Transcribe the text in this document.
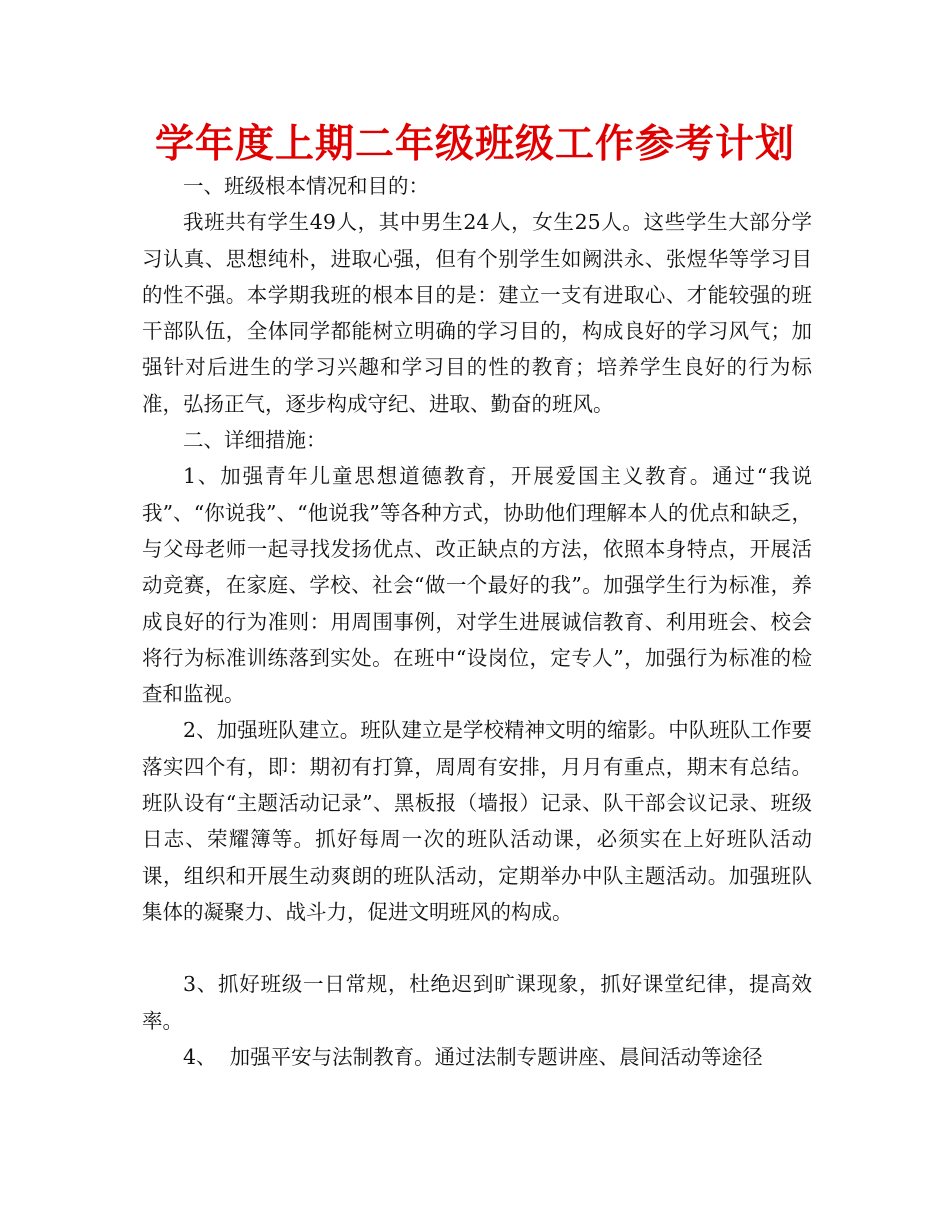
学年度上期二年级班级工作参考计划

一、班级根本情况和目的：

我班共有学生49人，其中男生24人，女生25人。这些学生大部分学习认真、思想纯朴，进取心强，但有个别学生如阙洪永、张煜华等学习目的性不强。本学期我班的根本目的是：建立一支有进取心、才能较强的班干部队伍，全体同学都能树立明确的学习目的，构成良好的学习风气；加强针对后进生的学习兴趣和学习目的性的教育；培养学生良好的行为标准，弘扬正气，逐步构成守纪、进取、勤奋的班风。

二、详细措施：

1、加强青年儿童思想道德教育，开展爱国主义教育。通过“我说我”、“你说我”、“他说我”等各种方式，协助他们理解本人的优点和缺乏，与父母老师一起寻找发扬优点、改正缺点的方法，依照本身特点，开展活动竞赛，在家庭、学校、社会“做一个最好的我”。加强学生行为标准，养成良好的行为准则：用周围事例，对学生进展诚信教育、利用班会、校会将行为标准训练落到实处。在班中“设岗位，定专人”，加强行为标准的检查和监视。

2、加强班队建立。班队建立是学校精神文明的缩影。中队班队工作要落实四个有，即：期初有打算，周周有安排，月月有重点，期末有总结。班队设有“主题活动记录”、黑板报（墙报）记录、队干部会议记录、班级日志、荣耀簿等。抓好每周一次的班队活动课，必须实在上好班队活动课，组织和开展生动爽朗的班队活动，定期举办中队主题活动。加强班队集体的凝聚力、战斗力，促进文明班风的构成。

3、抓好班级一日常规，杜绝迟到旷课现象，抓好课堂纪律，提高效率。

4、  加强平安与法制教育。通过法制专题讲座、晨间活动等途径
